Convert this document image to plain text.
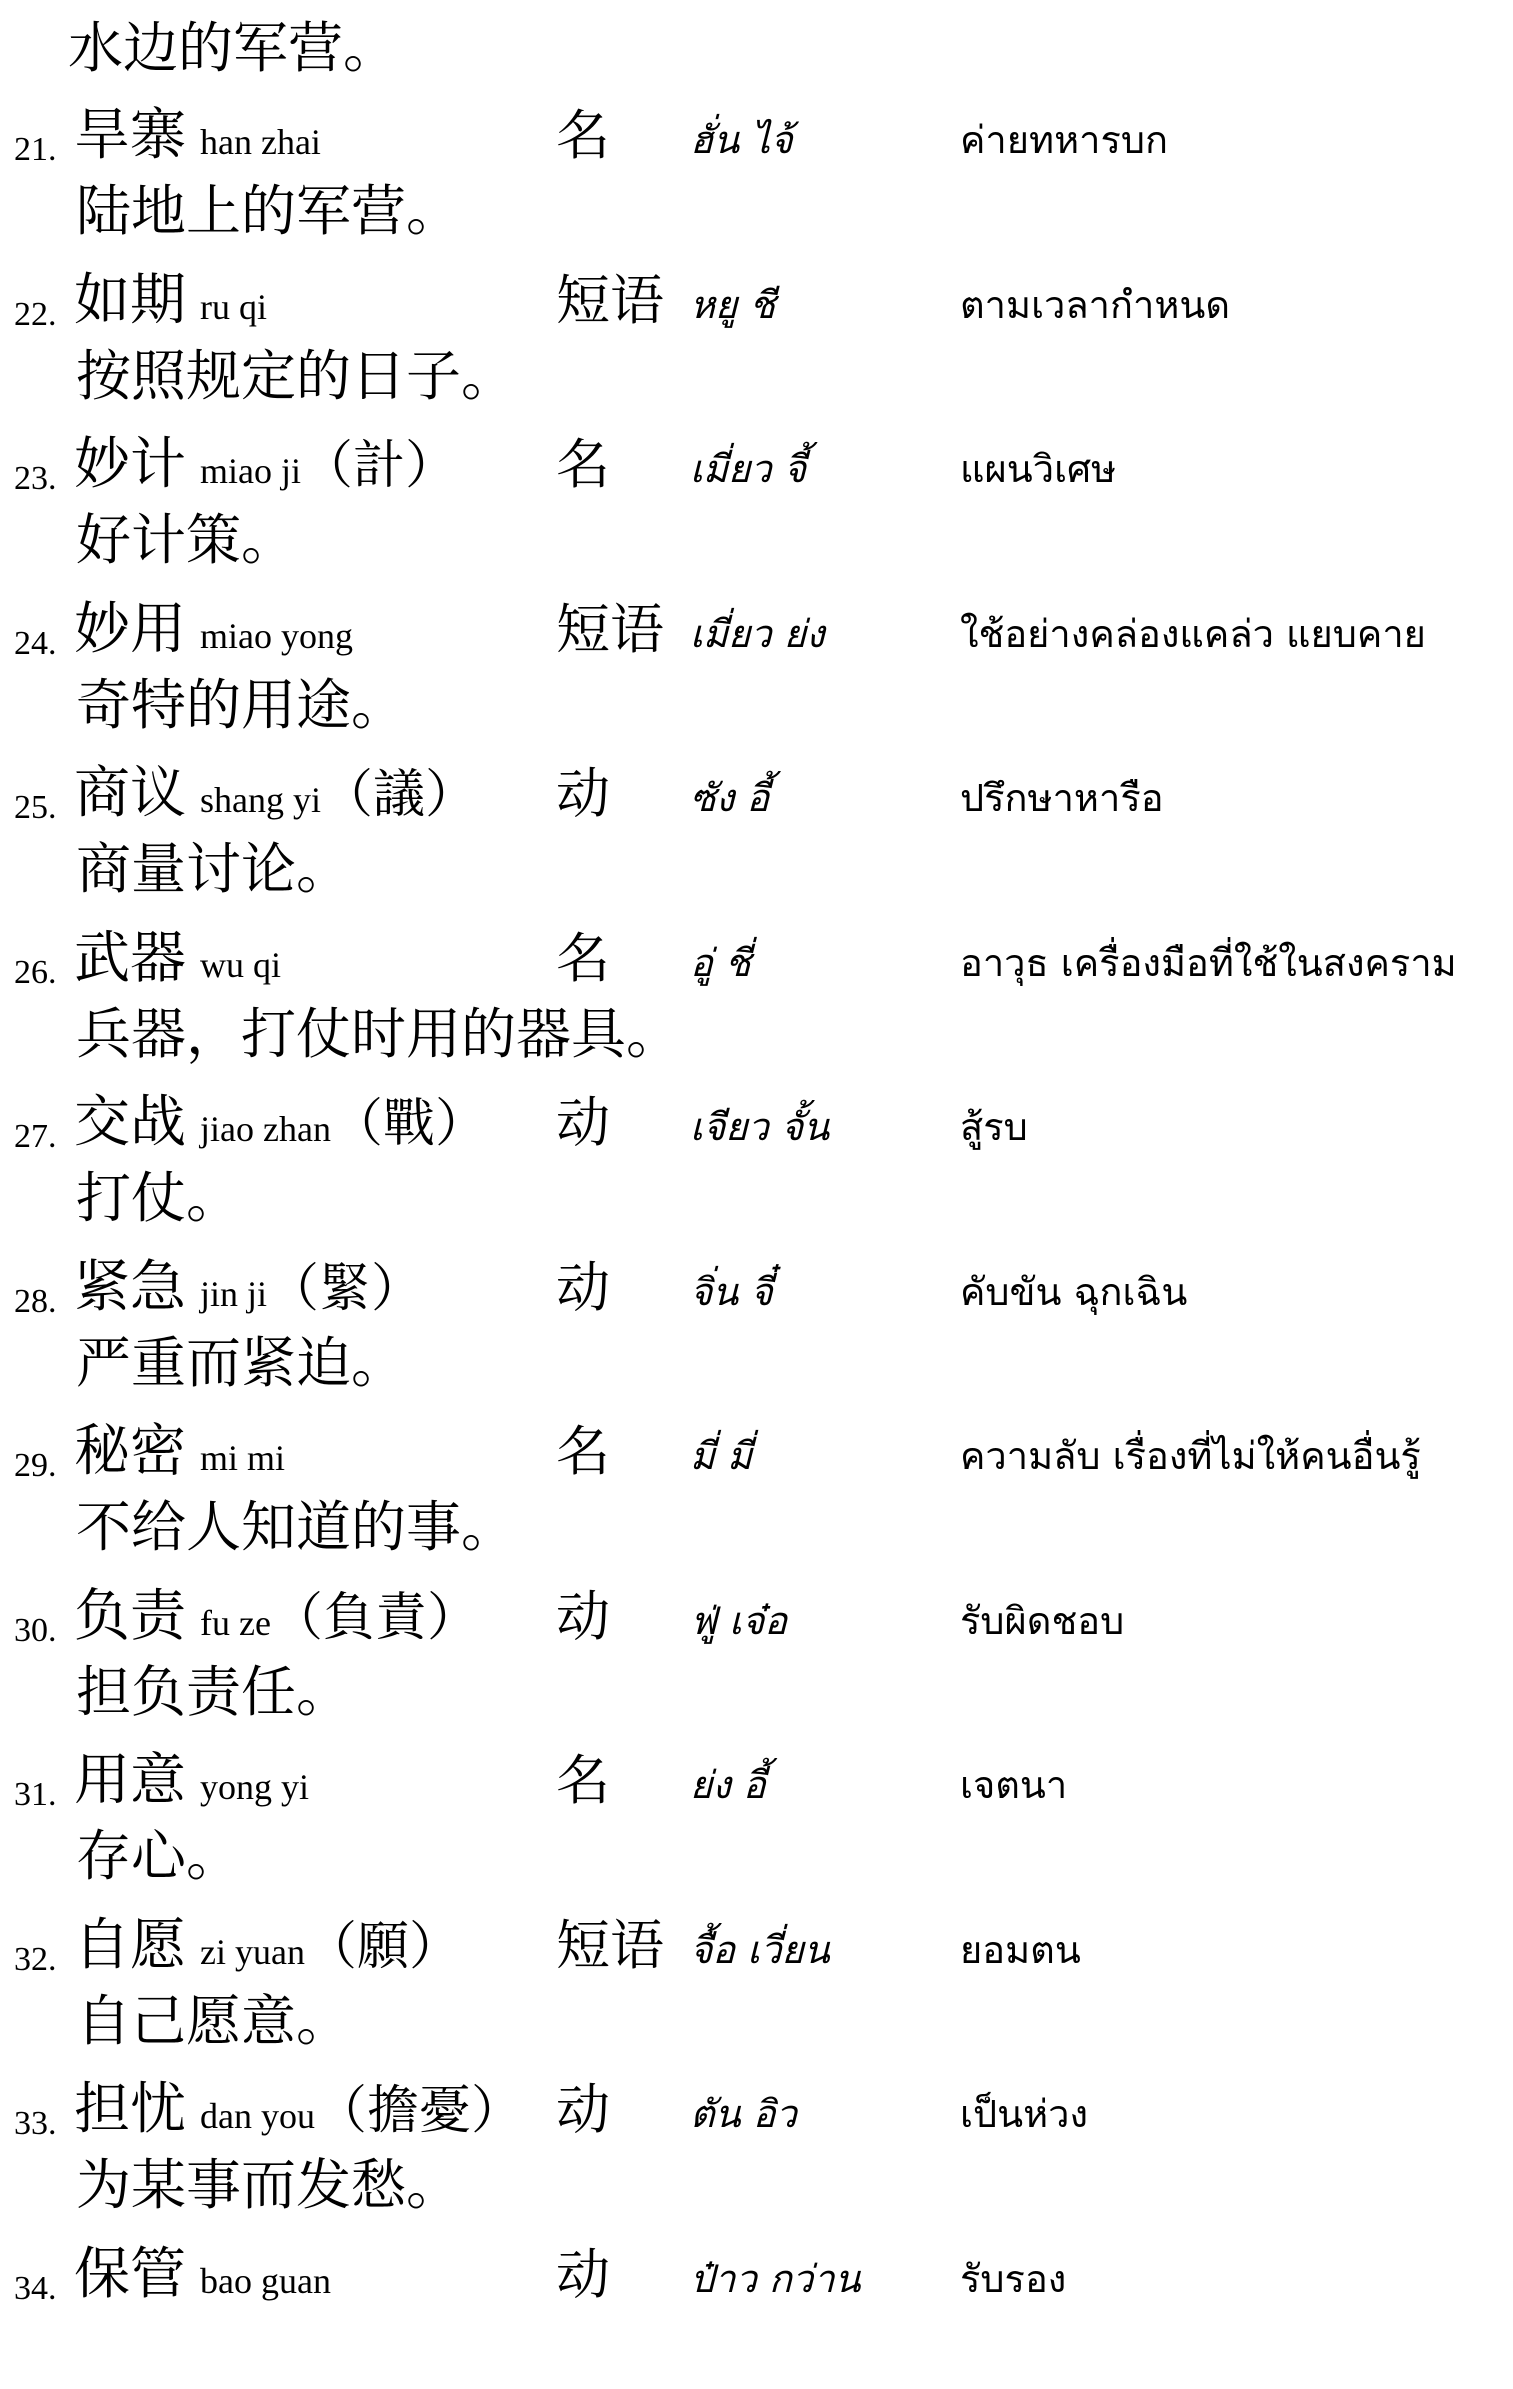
水边的军营。
21. 旱寨 han zhai	名 ฮั่น ไจ้	ค่ายทหารบก
陆地上的军营。
22. 如期 ru qi	短语 หยู ชี	ตามเวลากำหนด
按照规定的日子。
23. 妙计 miao ji（計） 名 เมี่ยว จี้	แผนวิเศษ
好计策。
24. 妙用 miao yong	短语 เมี่ยว ย่ง	ใช้อย่างคล่องแคล่ว แยบคาย
奇特的用途。
25. 商议 shang yi（議） 动 ซัง อี้	ปรึกษาหารือ
商量讨论。
26. 武器 wu qi	名 อู่ ชี่	อาวุธ เครื่องมือที่ใช้ในสงคราม
兵器，打仗时用的器具。
27. 交战 jiao zhan（戰） 动 เจียว จั้น	สู้รบ
打仗。
28. 紧急 jin ji（緊） 动 จิ่น จี๋	คับขัน ฉุกเฉิน
严重而紧迫。
29. 秘密 mi mi	名 มี่ มี่	ความลับ เรื่องที่ไม่ให้คนอื่นรู้
不给人知道的事。
30. 负责 fu ze（負責） 动 ฟู่ เจ๋อ	รับผิดชอบ
担负责任。
31. 用意 yong yi	名 ย่ง อี้	เจตนา
存心。
32. 自愿 zi yuan（願） 短语 จื้อ เวี่ยน	ยอมตน
自己愿意。
33. 担忧 dan you（擔憂） 动 ตัน อิว	เป็นห่วง
为某事而发愁。
34. 保管 bao guan	动 ป๋าว กว่าน	รับรอง
